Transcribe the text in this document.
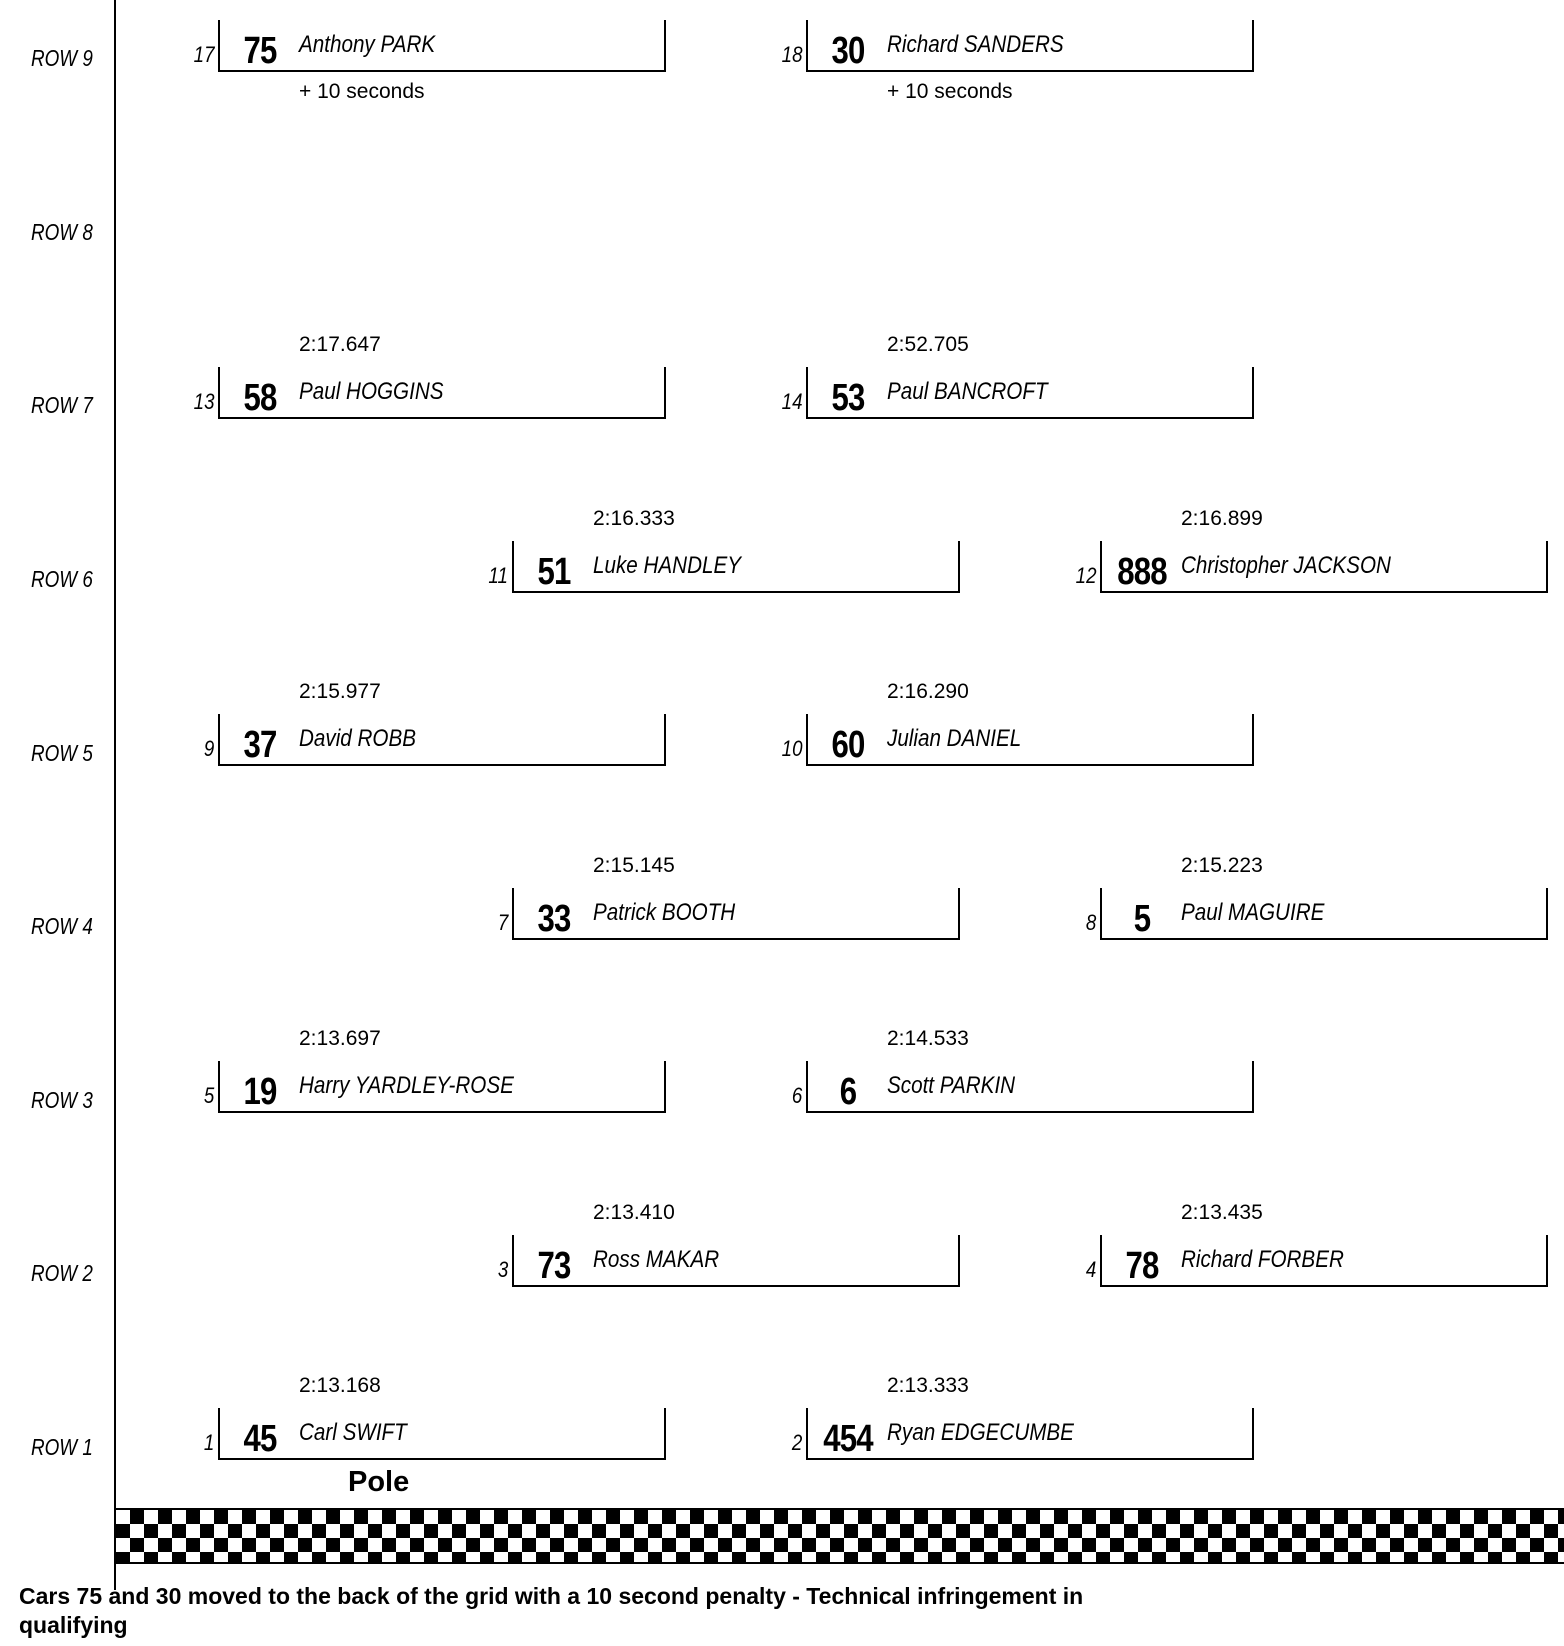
ROW 9
ROW 8
ROW 7
ROW 6
ROW 5
ROW 4
ROW 3
ROW 2
ROW 1
17 75 Anthony PARK
+ 10 seconds
18 30 Richard SANDERS
+ 10 seconds
2:17.647
13 58 Paul HOGGINS
2:52.705
14 53 Paul BANCROFT
2:16.333
11 51 Luke HANDLEY
2:16.899
12 888 Christopher JACKSON
2:15.977
9 37 David ROBB
2:16.290
10 60 Julian DANIEL
2:15.145
7 33 Patrick BOOTH
2:15.223
8 5	Paul MAGUIRE
2:13.697
5 19 Harry YARDLEY-ROSE
2:14.533
6 6	Scott PARKIN
2:13.410
3 73 Ross MAKAR
2:13.435
4 78 Richard FORBER
2:13.168
1 45 Carl SWIFT
2:13.333
2 454 Ryan EDGECUMBE
Pole
Cars 75 and 30 moved to the back of the grid with a 10 second penalty - Technical infringement in qualifying
